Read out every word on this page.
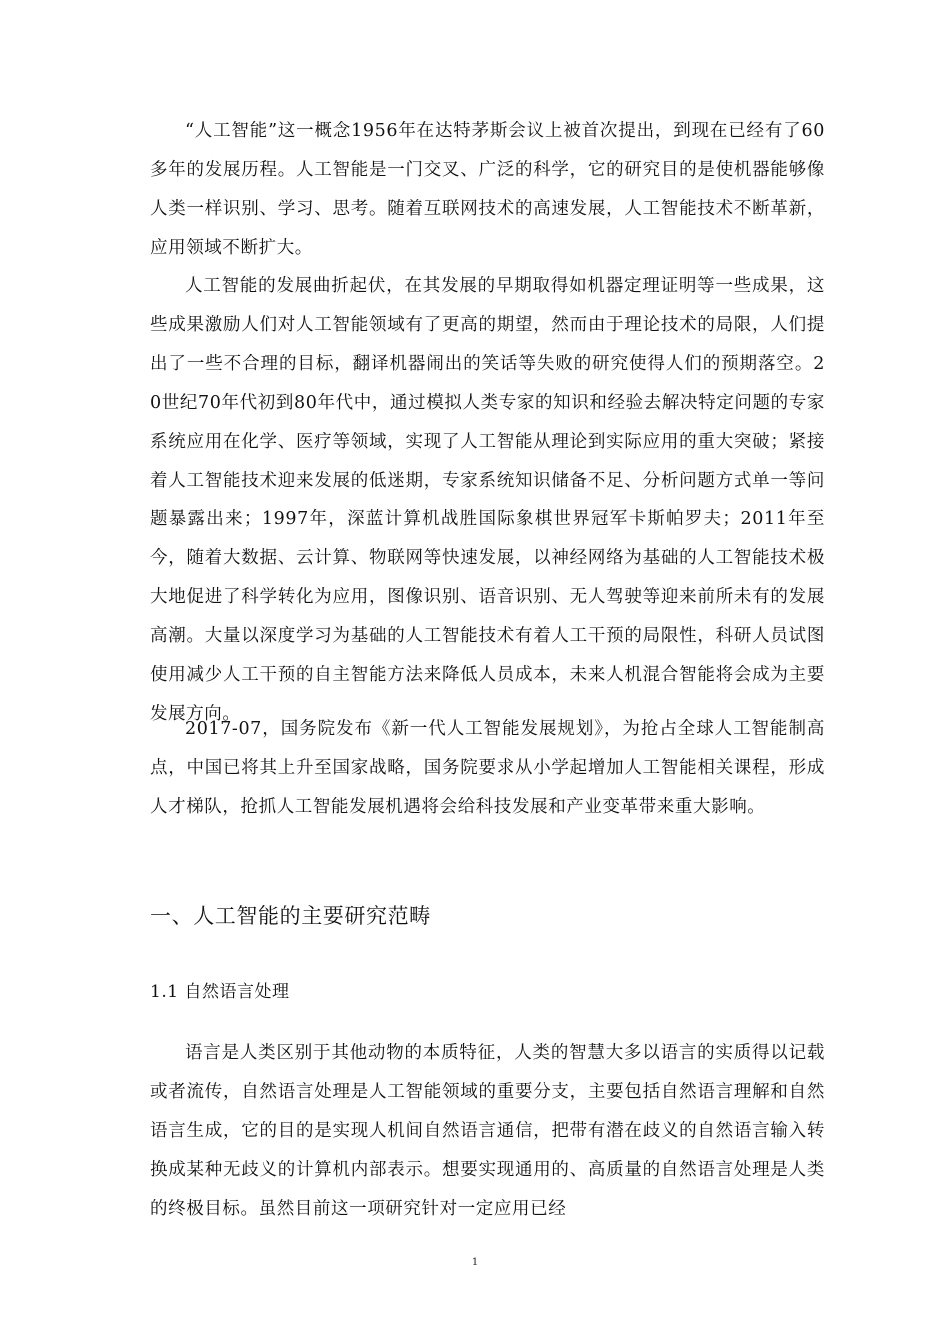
“人工智能”这一概念1956年在达特茅斯会议上被首次提出，到现在已经有了60多年的发展历程。人工智能是一门交叉、广泛的科学，它的研究目的是使机器能够像人类一样识别、学习、思考。随着互联网技术的高速发展，人工智能技术不断革新，应用领域不断扩大。

人工智能的发展曲折起伏，在其发展的早期取得如机器定理证明等一些成果，这些成果激励人们对人工智能领域有了更高的期望，然而由于理论技术的局限，人们提出了一些不合理的目标，翻译机器闹出的笑话等失败的研究使得人们的预期落空。20世纪70年代初到80年代中，通过模拟人类专家的知识和经验去解决特定问题的专家系统应用在化学、医疗等领域，实现了人工智能从理论到实际应用的重大突破；紧接着人工智能技术迎来发展的低迷期，专家系统知识储备不足、分析问题方式单一等问题暴露出来；1997年，深蓝计算机战胜国际象棋世界冠军卡斯帕罗夫；2011年至今，随着大数据、云计算、物联网等快速发展，以神经网络为基础的人工智能技术极大地促进了科学转化为应用，图像识别、语音识别、无人驾驶等迎来前所未有的发展高潮。大量以深度学习为基础的人工智能技术有着人工干预的局限性，科研人员试图使用减少人工干预的自主智能方法来降低人员成本，未来人机混合智能将会成为主要发展方向。

2017-07，国务院发布《新一代人工智能发展规划》，为抢占全球人工智能制高点，中国已将其上升至国家战略，国务院要求从小学起增加人工智能相关课程，形成人才梯队，抢抓人工智能发展机遇将会给科技发展和产业变革带来重大影响。

一、人工智能的主要研究范畴
1.1 自然语言处理

语言是人类区别于其他动物的本质特征，人类的智慧大多以语言的实质得以记载或者流传，自然语言处理是人工智能领域的重要分支，主要包括自然语言理解和自然语言生成，它的目的是实现人机间自然语言通信，把带有潜在歧义的自然语言输入转换成某种无歧义的计算机内部表示。想要实现通用的、高质量的自然语言处理是人类的终极目标。虽然目前这一项研究针对一定应用已经

1
